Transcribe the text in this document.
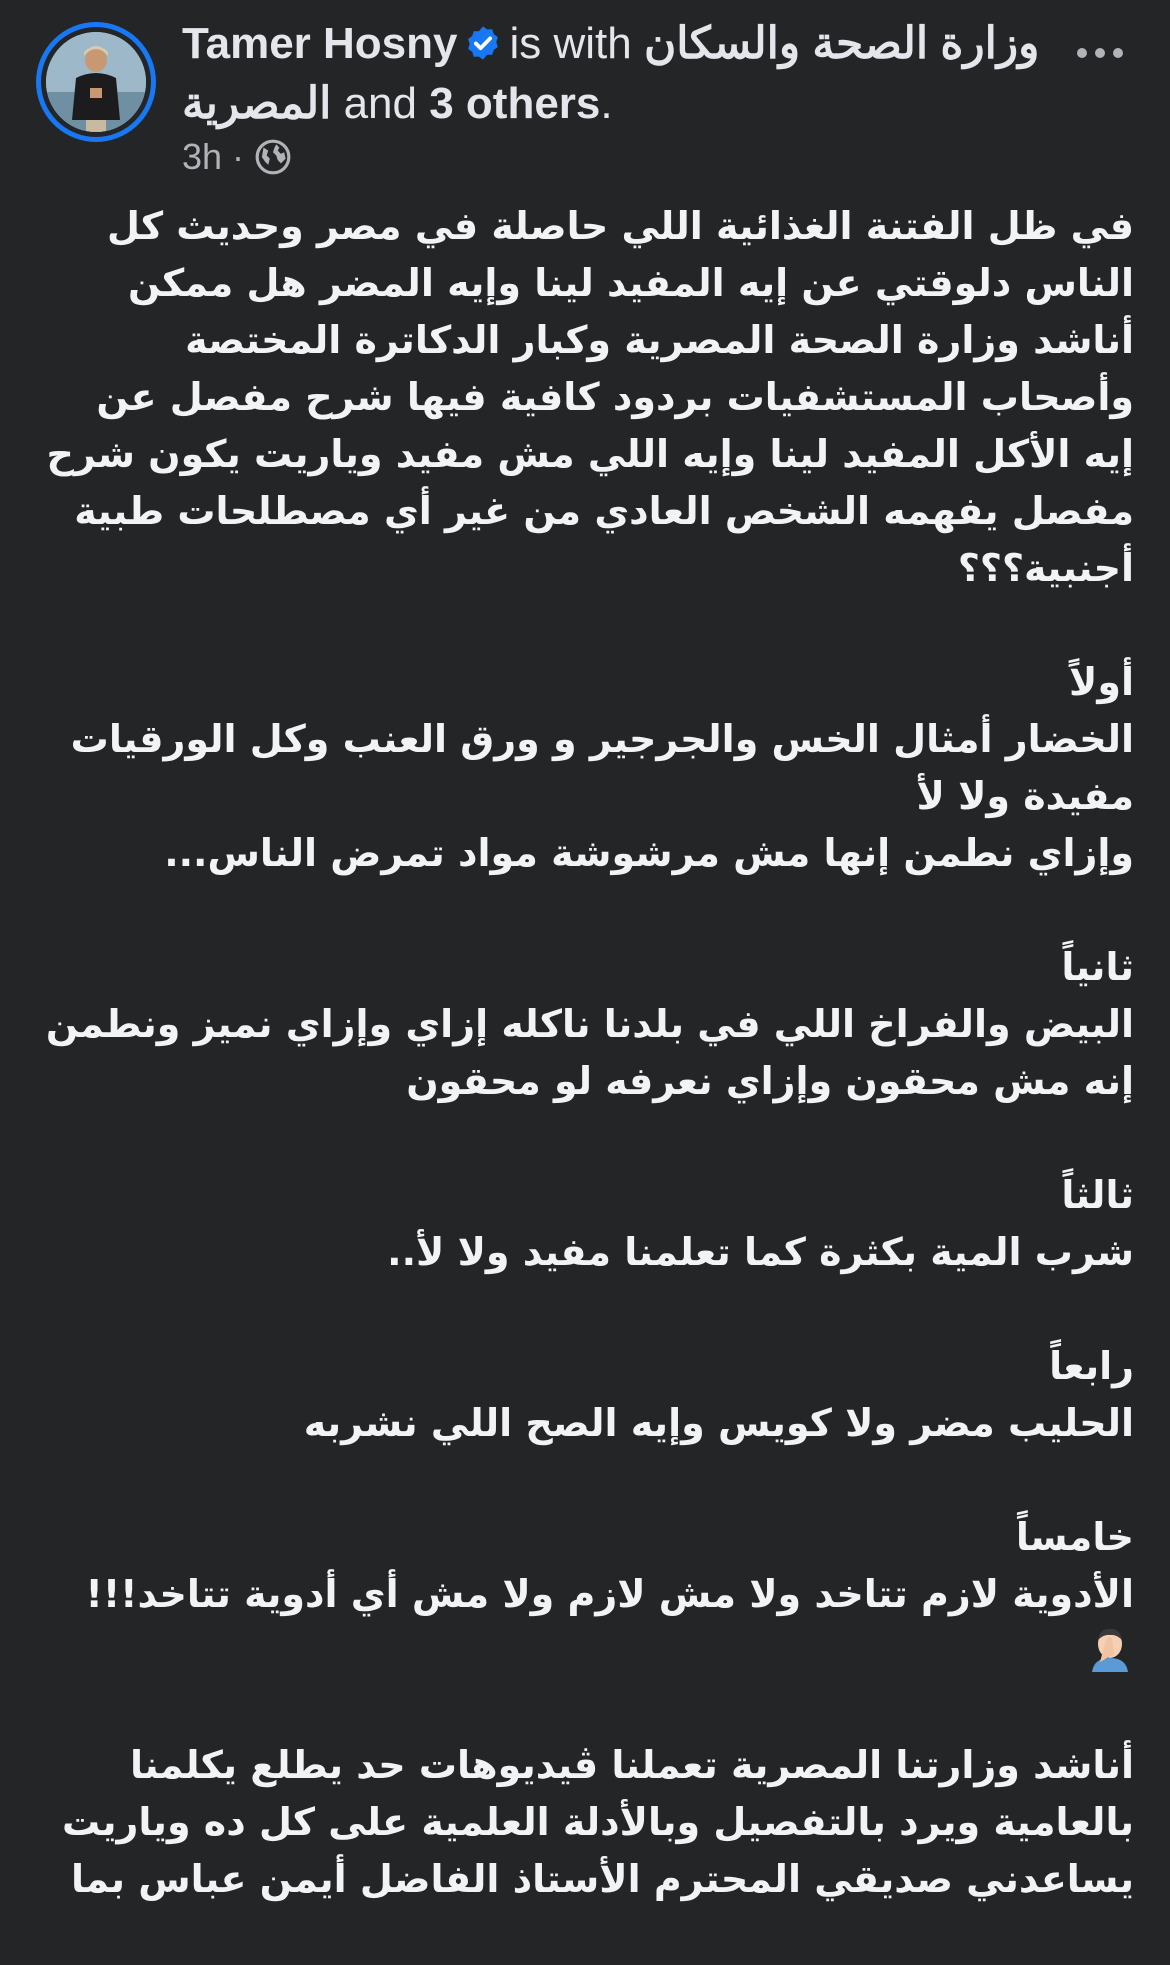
Tamer Hosny is with وزارة الصحة والسكان المصرية and 3 others.
3h ·

في ظل الفتنة الغذائية اللي حاصلة في مصر وحديث كل الناس دلوقتي عن إيه المفيد لينا وإيه المضر هل ممكن أناشد وزارة الصحة المصرية وكبار الدكاترة المختصة وأصحاب المستشفيات بردود كافية فيها شرح مفصل عن إيه الأكل المفيد لينا وإيه اللي مش مفيد وياريت يكون شرح مفصل يفهمه الشخص العادي من غير أي مصطلحات طبية أجنبية؟؟؟

أولاً
الخضار أمثال الخس والجرجير و ورق العنب وكل الورقيات مفيدة ولا لأ
وإزاي نطمن إنها مش مرشوشة مواد تمرض الناس...

ثانياً
البيض والفراخ اللي في بلدنا ناكله إزاي وإزاي نميز ونطمن إنه مش محقون وإزاي نعرفه لو محقون

ثالثاً
شرب المية بكثرة كما تعلمنا مفيد ولا لأ..

رابعاً
الحليب مضر ولا كويس وإيه الصح اللي نشربه

خامساً
الأدوية لازم تتاخد ولا مش لازم ولا مش أي أدوية تتاخد!!!

أناشد وزارتنا المصرية تعملنا ڤيديوهات حد يطلع يكلمنا بالعامية ويرد بالتفصيل وبالأدلة العلمية على كل ده وياريت يساعدني صديقي المحترم الأستاذ الفاضل أيمن عباس بما
